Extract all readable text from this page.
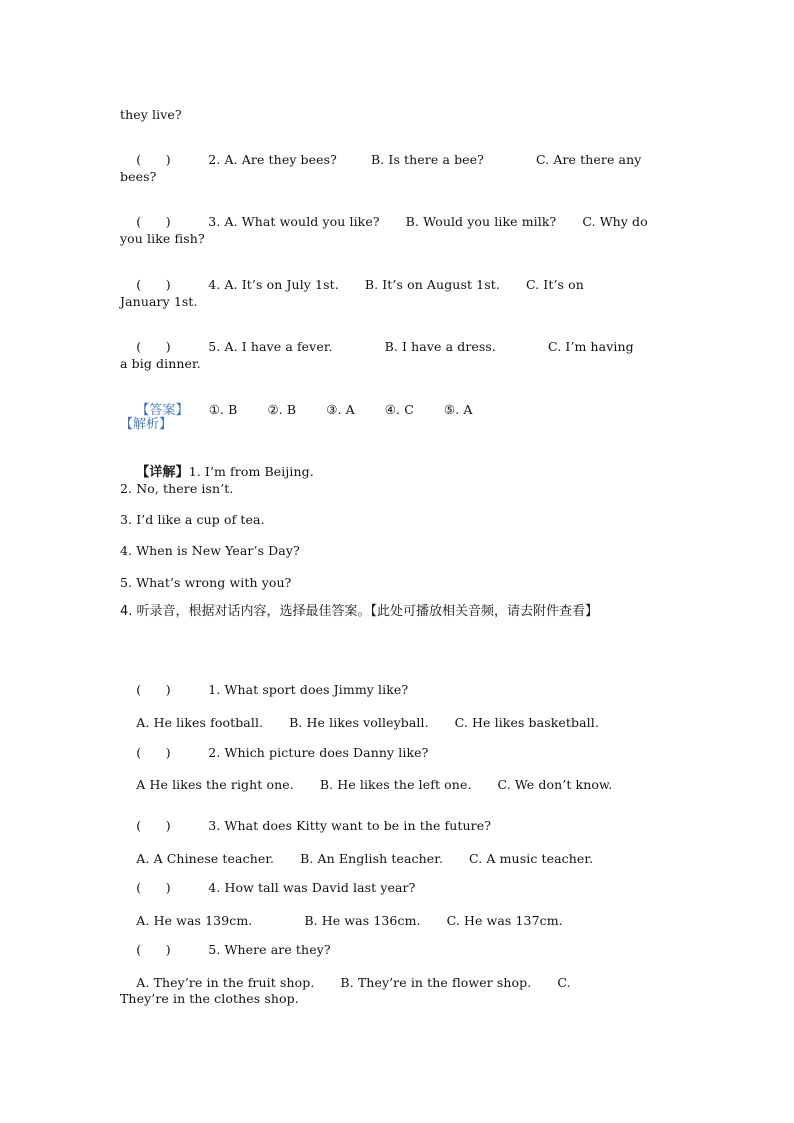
they live?

(      )	2. A. Are they bees?	B. Is there a bee?	C. Are there any

bees?

(      )	3. A. What would you like? B. Would you like milk? C. Why do

you like fish?

(      )	4. A. It’s on July 1st. B. It’s on August 1st. C. It’s on

January 1st.

(      )	5. A. I have a fever.	B. I have a dress.	C. I’m having

a big dinner.

【答案】 ①. B ②. B ③. A ④. C ⑤. A

【解析】

【详解】1. I’m from Beijing.

2. No, there isn’t.
3. I’d like a cup of tea.
4. When is New Year’s Day?
5. What’s wrong with you?
4. 听录音，根据对话内容，选择最佳答案。【此处可播放相关音频，请去附件查看】

(      )	1. What sport does Jimmy like?

A. He likes football. B. He likes volleyball. C. He likes basketball.

(      )	2. Which picture does Danny like?

A He likes the right one. B. He likes the left one. C. We don’t know.

(      )	3. What does Kitty want to be in the future?

A. A Chinese teacher. B. An English teacher. C. A music teacher.

(      )	4. How tall was David last year?

A. He was 139cm.	B. He was 136cm. C. He was 137cm.

(      )	5. Where are they?

A. They’re in the fruit shop. B. They’re in the flower shop. C.

They’re in the clothes shop.
